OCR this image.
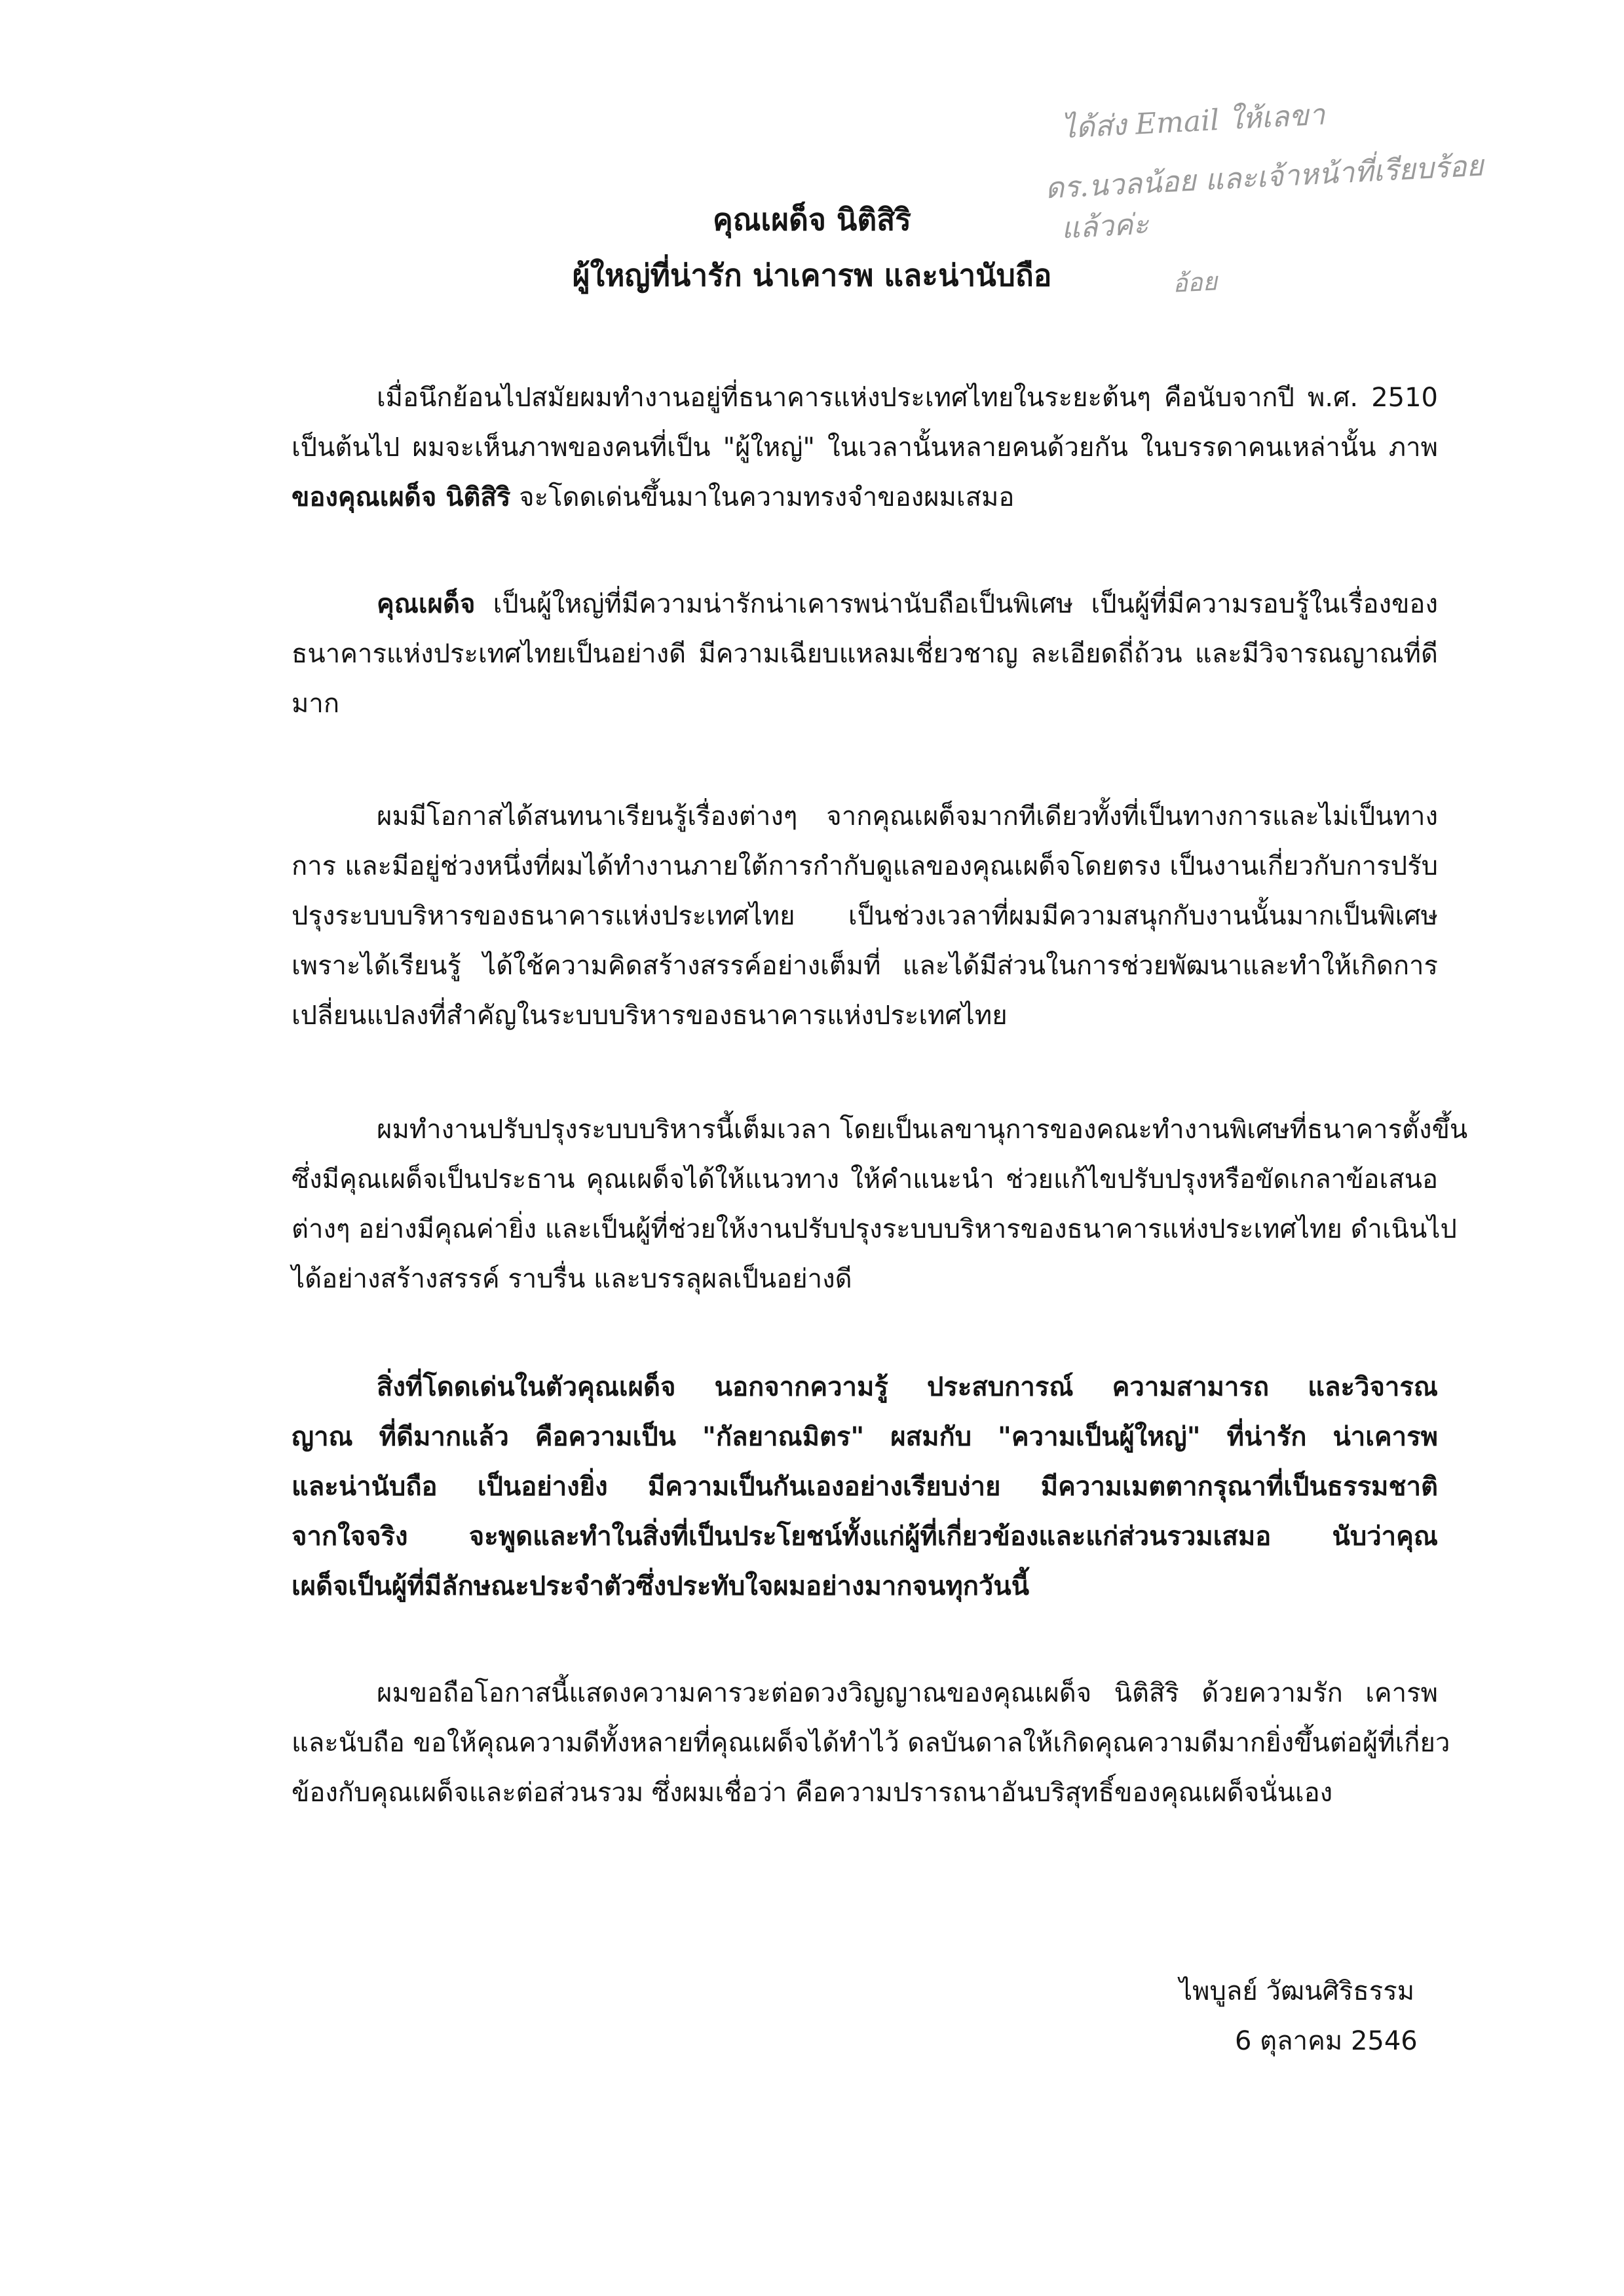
ได้ส่ง Email ให้เลขา
ดร.นวลน้อย และเจ้าหน้าที่เรียบร้อย
แล้วค่ะ
อ้อย
คุณเผด็จ นิติสิริ
ผู้ใหญ่ที่น่ารัก น่าเคารพ และน่านับถือ
เมื่อนึกย้อนไปสมัยผมทำงานอยู่ที่ธนาคารแห่งประเทศไทยในระยะต้นๆ คือนับจากปี พ.ศ. 2510
เป็นต้นไป ผมจะเห็นภาพของคนที่เป็น "ผู้ใหญ่" ในเวลานั้นหลายคนด้วยกัน ในบรรดาคนเหล่านั้น ภาพ
ของคุณเผด็จ นิติสิริ จะโดดเด่นขึ้นมาในความทรงจำของผมเสมอ
คุณเผด็จ เป็นผู้ใหญ่ที่มีความน่ารักน่าเคารพน่านับถือเป็นพิเศษ เป็นผู้ที่มีความรอบรู้ในเรื่องของ
ธนาคารแห่งประเทศไทยเป็นอย่างดี มีความเฉียบแหลมเชี่ยวชาญ ละเอียดถี่ถ้วน และมีวิจารณญาณที่ดี
มาก
ผมมีโอกาสได้สนทนาเรียนรู้เรื่องต่างๆ จากคุณเผด็จมากทีเดียวทั้งที่เป็นทางการและไม่เป็นทาง
การ และมีอยู่ช่วงหนึ่งที่ผมได้ทำงานภายใต้การกำกับดูแลของคุณเผด็จโดยตรง เป็นงานเกี่ยวกับการปรับ
ปรุงระบบบริหารของธนาคารแห่งประเทศไทย เป็นช่วงเวลาที่ผมมีความสนุกกับงานนั้นมากเป็นพิเศษ
เพราะได้เรียนรู้ ได้ใช้ความคิดสร้างสรรค์อย่างเต็มที่ และได้มีส่วนในการช่วยพัฒนาและทำให้เกิดการ
เปลี่ยนแปลงที่สำคัญในระบบบริหารของธนาคารแห่งประเทศไทย
ผมทำงานปรับปรุงระบบบริหารนี้เต็มเวลา โดยเป็นเลขานุการของคณะทำงานพิเศษที่ธนาคารตั้งขึ้น
ซึ่งมีคุณเผด็จเป็นประธาน คุณเผด็จได้ให้แนวทาง ให้คำแนะนำ ช่วยแก้ไขปรับปรุงหรือขัดเกลาข้อเสนอ
ต่างๆ อย่างมีคุณค่ายิ่ง และเป็นผู้ที่ช่วยให้งานปรับปรุงระบบบริหารของธนาคารแห่งประเทศไทย ดำเนินไป
ได้อย่างสร้างสรรค์ ราบรื่น และบรรลุผลเป็นอย่างดี
สิ่งที่โดดเด่นในตัวคุณเผด็จ นอกจากความรู้ ประสบการณ์ ความสามารถ และวิจารณ
ญาณ ที่ดีมากแล้ว คือความเป็น "กัลยาณมิตร" ผสมกับ "ความเป็นผู้ใหญ่" ที่น่ารัก น่าเคารพ
และน่านับถือ เป็นอย่างยิ่ง มีความเป็นกันเองอย่างเรียบง่าย มีความเมตตากรุณาที่เป็นธรรมชาติ
จากใจจริง จะพูดและทำในสิ่งที่เป็นประโยชน์ทั้งแก่ผู้ที่เกี่ยวข้องและแก่ส่วนรวมเสมอ นับว่าคุณ
เผด็จเป็นผู้ที่มีลักษณะประจำตัวซึ่งประทับใจผมอย่างมากจนทุกวันนี้
ผมขอถือโอกาสนี้แสดงความคารวะต่อดวงวิญญาณของคุณเผด็จ นิติสิริ ด้วยความรัก เคารพ
และนับถือ ขอให้คุณความดีทั้งหลายที่คุณเผด็จได้ทำไว้ ดลบันดาลให้เกิดคุณความดีมากยิ่งขึ้นต่อผู้ที่เกี่ยว
ข้องกับคุณเผด็จและต่อส่วนรวม ซึ่งผมเชื่อว่า คือความปรารถนาอันบริสุทธิ์ของคุณเผด็จนั่นเอง
ไพบูลย์ วัฒนศิริธรรม
6 ตุลาคม 2546
